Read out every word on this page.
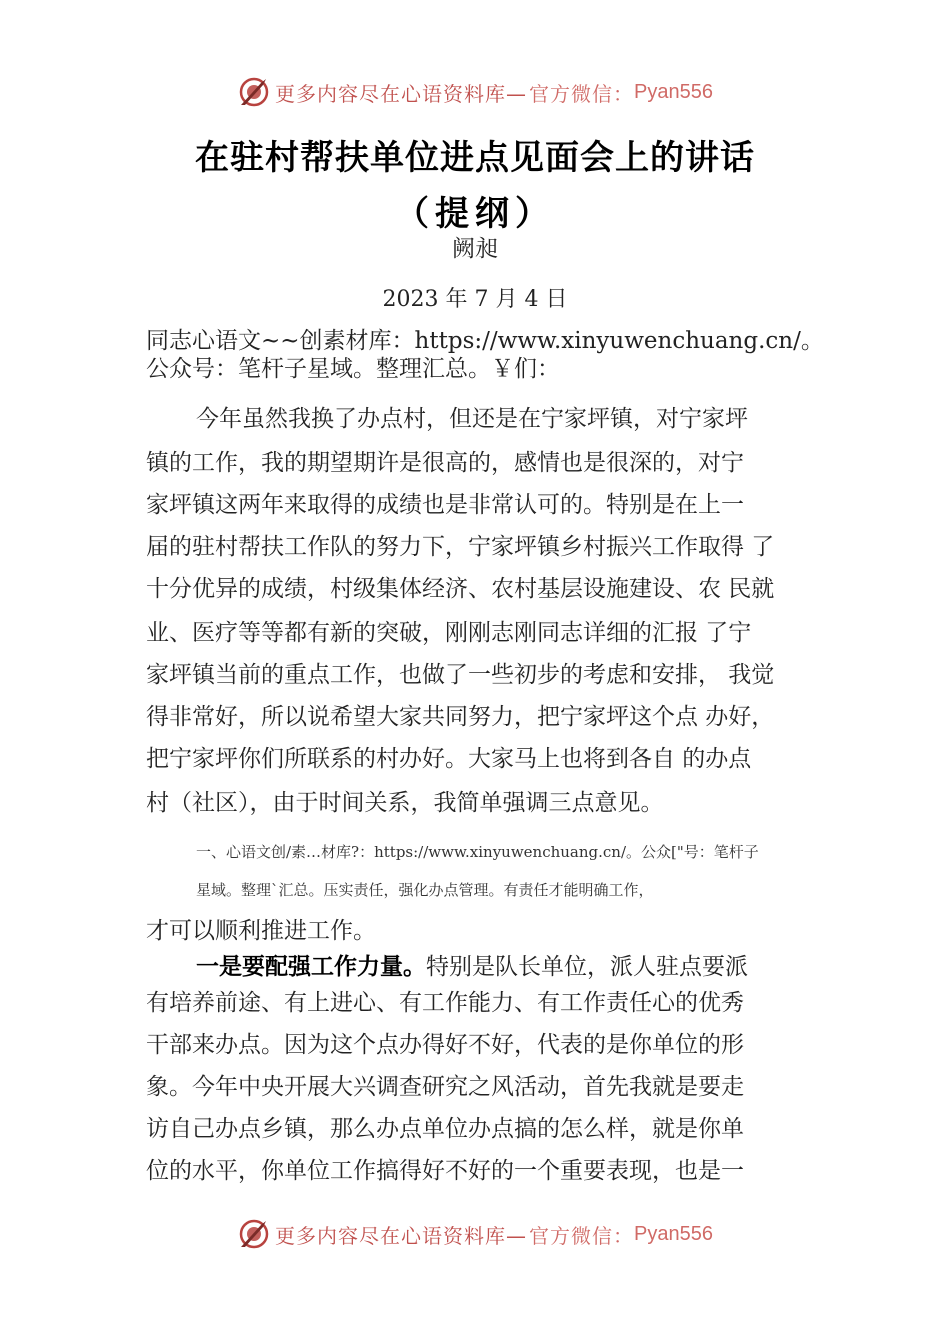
更多内容尽在心语资料库— 官方微信： Pyan556
在驻村帮扶单位进点见面会上的讲话
（提纲）
阙昶
2023 年 7 月 4 日
同志心语文~~创素材库：https://www.xinyuwenchuang.cn/。
公众号：笔杆子星域。整理汇总。￥们：
今年虽然我换了办点村，但还是在宁家坪镇，对宁家坪
镇的工作，我的期望期许是很高的，感情也是很深的，对宁
家坪镇这两年来取得的成绩也是非常认可的。特别是在上一
届的驻村帮扶工作队的努力下，宁家坪镇乡村振兴工作取得 了
十分优异的成绩，村级集体经济、农村基层设施建设、农 民就
业、医疗等等都有新的突破，刚刚志刚同志详细的汇报 了宁
家坪镇当前的重点工作，也做了一些初步的考虑和安排， 我觉
得非常好，所以说希望大家共同努力，把宁家坪这个点 办好，
把宁家坪你们所联系的村办好。大家马上也将到各自 的办点
村（社区），由于时间关系，我简单强调三点意见。
一、心语文创/素…材库?：https://www.xinyuwenchuang.cn/。公众["号：笔杆子
星域。整理`汇总。压实责任，强化办点管理。有责任才能明确工作，
才可以顺利推进工作。
一是要配强工作力量。特别是队长单位，派人驻点要派
有培养前途、有上进心、有工作能力、有工作责任心的优秀
干部来办点。因为这个点办得好不好，代表的是你单位的形
象。今年中央开展大兴调查研究之风活动，首先我就是要走
访自己办点乡镇，那么办点单位办点搞的怎么样，就是你单
位的水平，你单位工作搞得好不好的一个重要表现，也是一
更多内容尽在心语资料库— 官方微信： Pyan556
